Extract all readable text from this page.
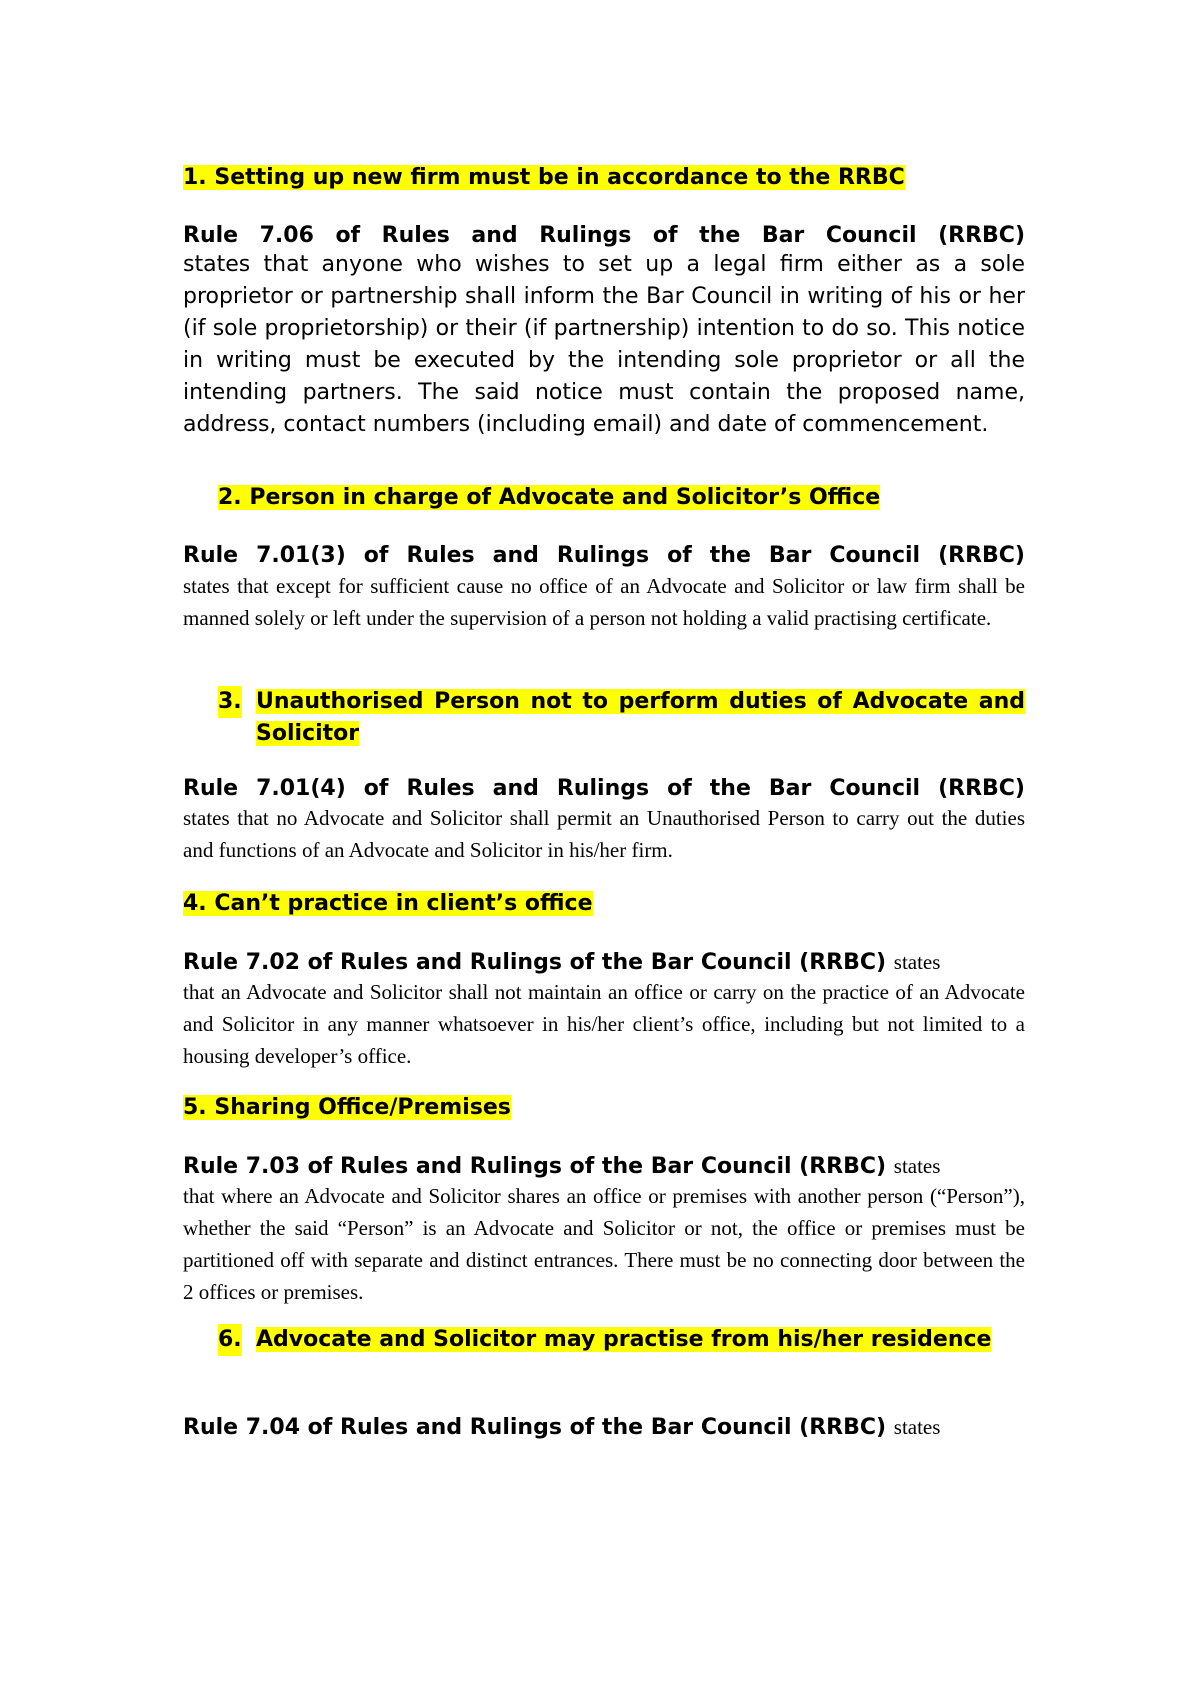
1. Setting up new firm must be in accordance to the RRBC

Rule 7.06 of Rules and Rulings of the Bar Council (RRBC)

states that anyone who wishes to set up a legal firm either as a sole proprietor or partnership shall inform the Bar Council in writing of his or her (if sole proprietorship) or their (if partnership) intention to do so. This notice in writing must be executed by the intending sole proprietor or all the intending partners. The said notice must contain the proposed name, address, contact numbers (including email) and date of commencement.

2. Person in charge of Advocate and Solicitor’s Office

Rule 7.01(3) of Rules and Rulings of the Bar Council (RRBC)

states that except for sufficient cause no office of an Advocate and Solicitor or law firm shall be manned solely or left under the supervision of a person not holding a valid practising certificate.

3. Unauthorised Person not to perform duties of Advocate and Solicitor

Rule 7.01(4) of Rules and Rulings of the Bar Council (RRBC)

states that no Advocate and Solicitor shall permit an Unauthorised Person to carry out the duties and functions of an Advocate and Solicitor in his/her firm.

4. Can’t practice in client’s office

Rule 7.02 of Rules and Rulings of the Bar Council (RRBC) states

that an Advocate and Solicitor shall not maintain an office or carry on the practice of an Advocate and Solicitor in any manner whatsoever in his/her client’s office, including but not limited to a housing developer’s office.

5. Sharing Office/Premises

Rule 7.03 of Rules and Rulings of the Bar Council (RRBC) states

that where an Advocate and Solicitor shares an office or premises with another person (“Person”), whether the said “Person” is an Advocate and Solicitor or not, the office or premises must be partitioned off with separate and distinct entrances. There must be no connecting door between the 2 offices or premises.

6. Advocate and Solicitor may practise from his/her residence

Rule 7.04 of Rules and Rulings of the Bar Council (RRBC) states
